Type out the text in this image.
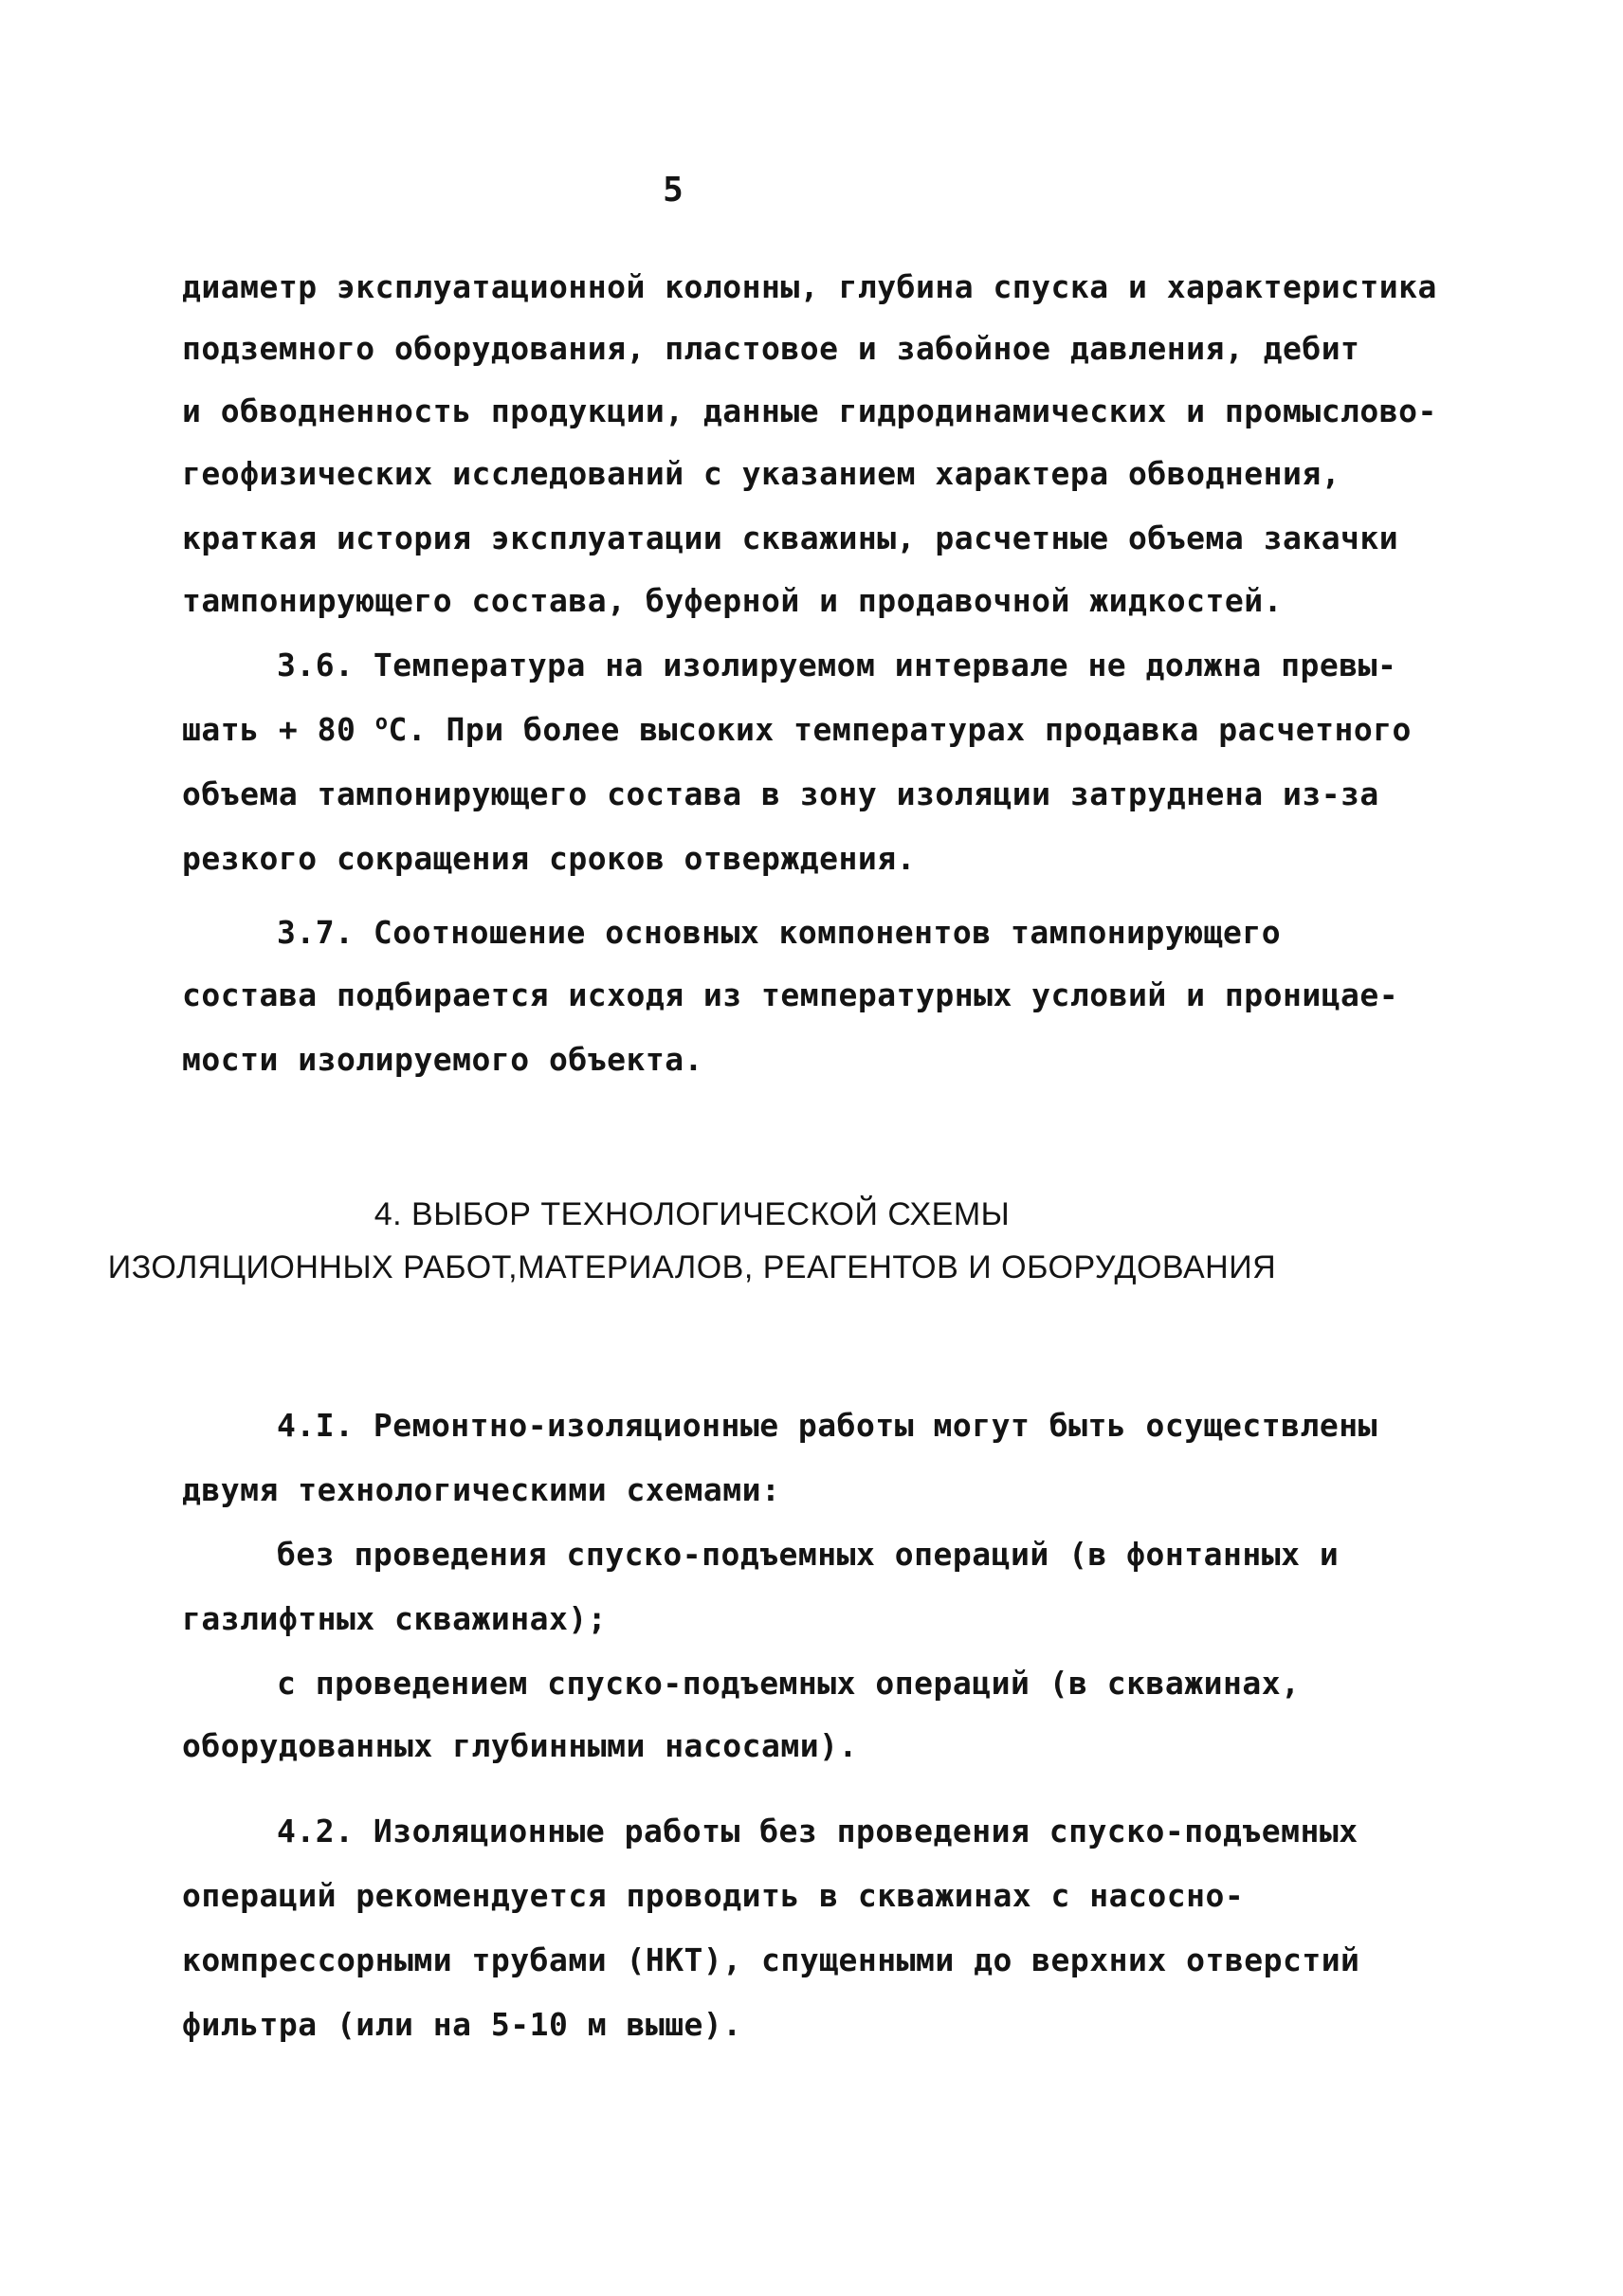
5
диаметр эксплуатационной колонны, глубина спуска и характеристика
подземного оборудования, пластовое и забойное давления, дебит
и обводненность продукции, данные гидродинамических и промыслово-
геофизических исследований с указанием характера обводнения,
краткая история эксплуатации скважины, расчетные объема закачки
тампонирующего состава, буферной и продавочной жидкостей.
3.6. Температура на изолируемом интервале не должна превы-
шать + 80 $^о$С. При более высоких температурах продавка расчетного
объема тампонирующего состава в зону изоляции затруднена из-за
резкого сокращения сроков отверждения.
3.7. Соотношение основных компонентов тампонирующего
состава подбирается исходя из температурных условий и проницае-
мости изолируемого объекта.
4. ВЫБОР ТЕХНОЛОГИЧЕСКОЙ СХЕМЫ
ИЗОЛЯЦИОННЫХ РАБОТ,МАТЕРИАЛОВ, РЕАГЕНТОВ И ОБОРУДОВАНИЯ
4.I. Ремонтно-изоляционные работы могут быть осуществлены
двумя технологическими схемами:
без проведения спуско-подъемных операций (в фонтанных и
газлифтных скважинах);
с проведением спуско-подъемных операций (в скважинах,
оборудованных глубинными насосами).
4.2. Изоляционные работы без проведения спуско-подъемных
операций рекомендуется проводить в скважинах с насосно-
компрессорными трубами (НКТ), спущенными до верхних отверстий
фильтра (или на 5-10 м выше).
